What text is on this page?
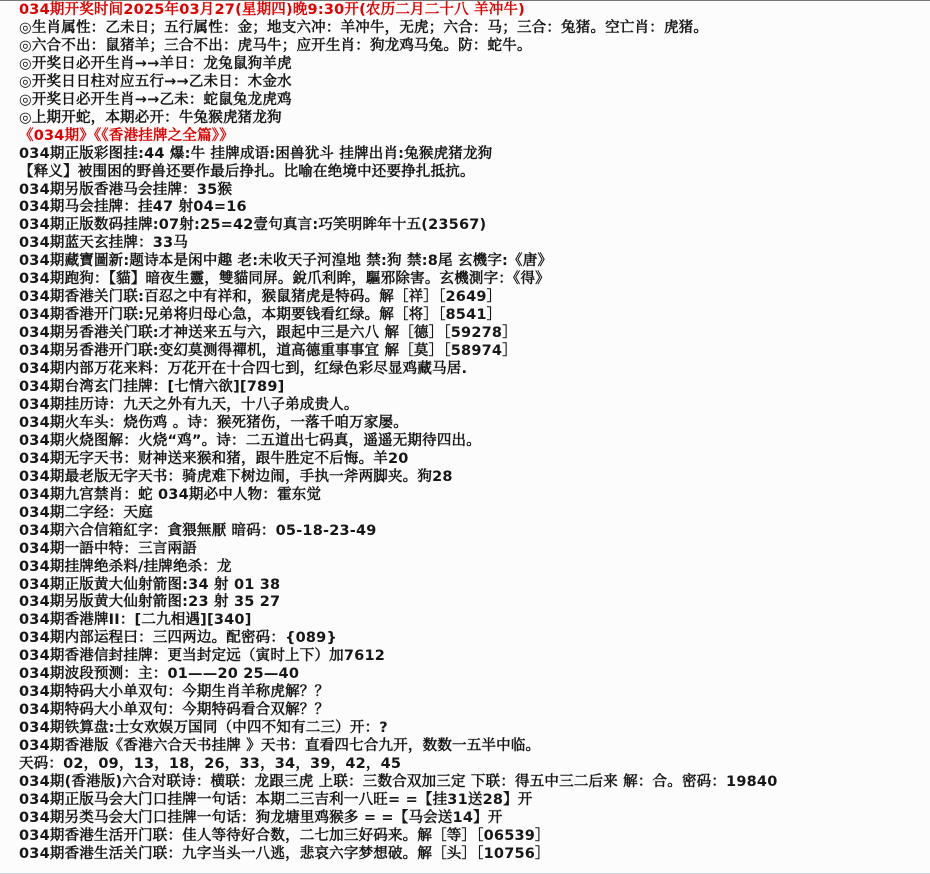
034期开奖时间2025年03月27(星期四)晚9:30开(农历二月二十八 羊冲牛)
◎生肖属性：乙未日；五行属性：金；地支六冲：羊冲牛，无虎；六合：马；三合：兔猪。空亡肖：虎猪。
◎六合不出：鼠猪羊；三合不出：虎马牛；应开生肖：狗龙鸡马兔。防：蛇牛。
◎开奖日必开生肖→→羊日：龙兔鼠狗羊虎
◎开奖日日柱对应五行→→乙未日：木金水
◎开奖日必开生肖→→乙未：蛇鼠兔龙虎鸡
◎上期开蛇，本期必开：牛兔猴虎猪龙狗
《034期》《《香港挂牌之全篇》》
034期正版彩图挂:44 爆:牛 挂牌成语:困兽犹斗 挂牌出肖:兔猴虎猪龙狗
【释义】被围困的野兽还要作最后挣扎。比喻在绝境中还要挣扎抵抗。
034期另版香港马会挂牌：35猴
034期马会挂牌：挂47 射04=16
034期正版数码挂牌:07射:25=42壹句真言:巧笑明眸年十五(23567)
034期蓝天玄挂牌：33马
034期藏寶圖新:题诗本是闲中趣 老:未收天子河湟地 禁:狗 禁:8尾 玄機字:《唐》
034期跑狗：【貓】暗夜生靈，雙貓同屏。銳爪利眸，驅邪除害。玄機測字：《得》
034期香港关门联:百忍之中有祥和，猴鼠猪虎是特码。解［祥］［2649］
034期香港开门联:兄弟将归母心急，本期要钱看红绿。解［将］［8541］
034期另香港关门联:才神送来五与六，跟起中三是六八 解［德］［59278］
034期另香港开门联:变幻莫测得禪机，道高德重事事宜 解［莫］［58974］
034期内部万花来料：万花开在十合四七到，红绿色彩尽显鸡藏马居.
034期台湾玄门挂牌：[七情六欲][789]
034期挂历诗：九天之外有九天，十八子弟成贵人。
034期火车头：烧伤鸡 。诗：猴死猪伤，一落千咱万家屡。
034期火烧图解：火烧“鸡”。诗：二五道出七码真，遥遥无期待四出。
034期无字天书：财神送来猴和猪，跟牛胜定不后悔。羊20
034期最老版无字天书：骑虎难下树边闹，手执一斧两脚夹。狗28
034期九宫禁肖：蛇 034期必中人物：霍东觉
034期二字经：天庭
034期六合信箱紅字：貪猥無厭 暗码：05-18-23-49
034期一語中特：三言兩語
034期挂牌绝杀料/挂牌绝杀：龙
034期正版黄大仙射箭图:34 射 01 38
034期另版黄大仙射箭图:23 射 35 27
034期香港牌II：[二九相遇][340]
034期内部运程曰：三四两边。配密码：{089}
034期香港信封挂牌：更当封定远（寅时上下）加7612
034期波段预测：主：01——20 25—40
034期特码大小单双句：今期生肖羊称虎解？？
034期特码大小单双句：今期特码看合双解？？
034期铁算盘:士女欢娱万国同（中四不知有二三）开：?
034期香港版《香港六合天书挂牌 》天书：直看四七合九开，数数一五半中临。
天码：02，09，13，18，26，33，34，39，42，45
034期(香港版)六合对联诗：横联：龙跟三虎 上联：三数合双加三定 下联：得五中三二后来 解：合。密码：19840
034期正版马会大门口挂牌一句话：本期二三吉利一八旺= =【挂31送28】开
034期另类马会大门口挂牌一句话：狗龙塘里鸡猴多 = =【马会送14】开
034期香港生活开门联：佳人等待好合数，二七加三好码来。解［等］［06539］
034期香港生活关门联：九字当头一八逃，悲哀六字梦想破。解［头］［10756］
